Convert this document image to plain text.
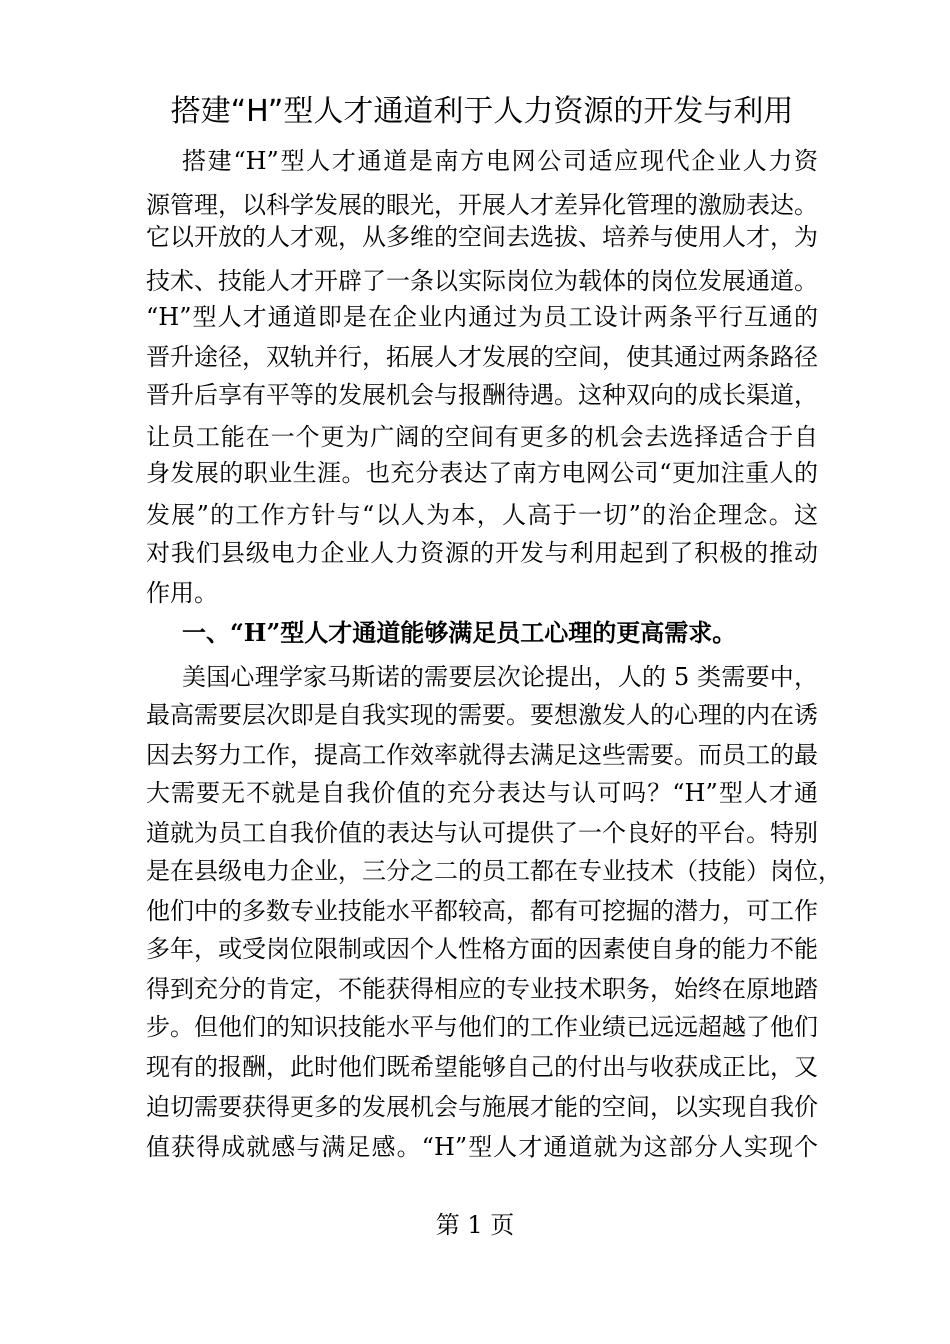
搭建“H”型人才通道利于人力资源的开发与利用

搭建“H”型人才通道是南方电网公司适应现代企业人力资

源管理，以科学发展的眼光，开展人才差异化管理的激励表达。

它以开放的人才观，从多维的空间去选拔、培养与使用人才，为

技术、技能人才开辟了一条以实际岗位为载体的岗位发展通道。

“H”型人才通道即是在企业内通过为员工设计两条平行互通的

晋升途径，双轨并行，拓展人才发展的空间，使其通过两条路径

晋升后享有平等的发展机会与报酬待遇。这种双向的成长渠道，

让员工能在一个更为广阔的空间有更多的机会去选择适合于自

身发展的职业生涯。也充分表达了南方电网公司“更加注重人的

发展”的工作方针与“以人为本，人高于一切”的治企理念。这

对我们县级电力企业人力资源的开发与利用起到了积极的推动

作用。

一、“H”型人才通道能够满足员工心理的更高需求。

美国心理学家马斯诺的需要层次论提出，人的 5 类需要中，

最高需要层次即是自我实现的需要。要想激发人的心理的内在诱

因去努力工作，提高工作效率就得去满足这些需要。而员工的最

大需要无不就是自我价值的充分表达与认可吗？“H”型人才通

道就为员工自我价值的表达与认可提供了一个良好的平台。特别

是在县级电力企业，三分之二的员工都在专业技术（技能）岗位，

他们中的多数专业技能水平都较高，都有可挖掘的潜力，可工作

多年，或受岗位限制或因个人性格方面的因素使自身的能力不能

得到充分的肯定，不能获得相应的专业技术职务，始终在原地踏

步。但他们的知识技能水平与他们的工作业绩已远远超越了他们

现有的报酬，此时他们既希望能够自己的付出与收获成正比，又

迫切需要获得更多的发展机会与施展才能的空间，以实现自我价

值获得成就感与满足感。“H”型人才通道就为这部分人实现个

第 1 页
